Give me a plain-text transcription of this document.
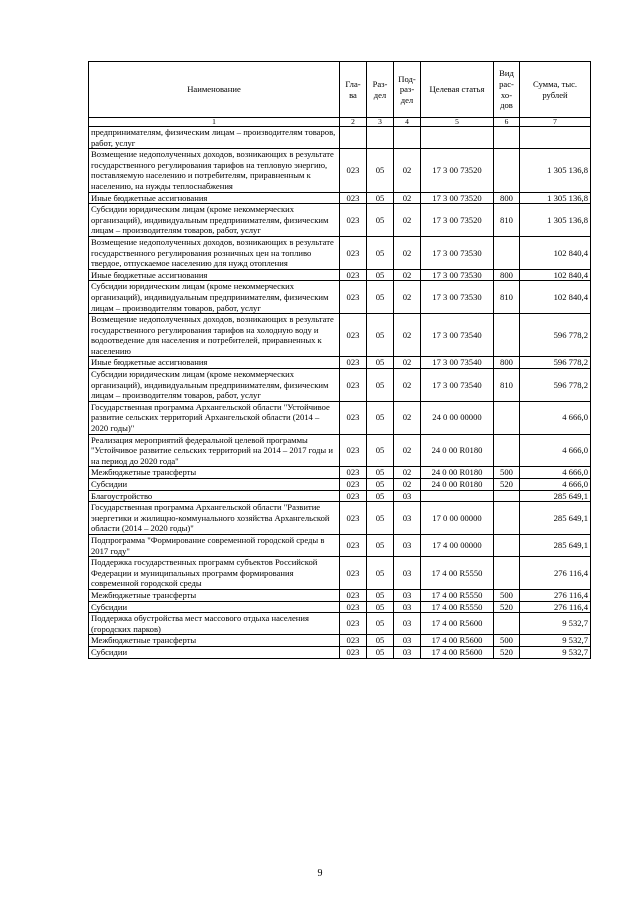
Наименование	Гла-ва	Раз-дел	Под-раз-дел	Целевая статья	Вид рас-хо-дов	Сумма, тыс. рублей
1	2	3	4	5	6	7
предпринимателям, физическим лицам – производителям товаров, работ, услуг						
Возмещение недополученных доходов, возникающих в результате государственного регулирования тарифов на тепловую энергию, поставляемую населению и потребителям, приравненным к населению, на нужды теплоснабжения	023	05	02	17 3 00 73520		1 305 136,8
Иные бюджетные ассигнования	023	05	02	17 3 00 73520	800	1 305 136,8
Субсидии юридическим лицам (кроме некоммерческих организаций), индивидуальным предпринимателям, физическим лицам – производителям товаров, работ, услуг	023	05	02	17 3 00 73520	810	1 305 136,8
Возмещение недополученных доходов, возникающих в результате государственного регулирования розничных цен на топливо твердое, отпускаемое населению для нужд отопления	023	05	02	17 3 00 73530		102 840,4
Иные бюджетные ассигнования	023	05	02	17 3 00 73530	800	102 840,4
Субсидии юридическим лицам (кроме некоммерческих организаций), индивидуальным предпринимателям, физическим лицам – производителям товаров, работ, услуг	023	05	02	17 3 00 73530	810	102 840,4
Возмещение недополученных доходов, возникающих в результате государственного регулирования тарифов на холодную воду и водоотведение для населения и потребителей, приравненных к населению	023	05	02	17 3 00 73540		596 778,2
Иные бюджетные ассигнования	023	05	02	17 3 00 73540	800	596 778,2
Субсидии юридическим лицам (кроме некоммерческих организаций), индивидуальным предпринимателям, физическим лицам – производителям товаров, работ, услуг	023	05	02	17 3 00 73540	810	596 778,2
Государственная программа Архангельской области "Устойчивое развитие сельских территорий Архангельской области (2014 – 2020 годы)"	023	05	02	24 0 00 00000		4 666,0
Реализация мероприятий федеральной целевой программы "Устойчивое развитие сельских территорий на 2014 – 2017 годы и на период до 2020 года"	023	05	02	24 0 00 R0180		4 666,0
Межбюджетные трансферты	023	05	02	24 0 00 R0180	500	4 666,0
Субсидии	023	05	02	24 0 00 R0180	520	4 666,0
Благоустройство	023	05	03			285 649,1
Государственная программа Архангельской области "Развитие энергетики и жилищно-коммунального хозяйства Архангельской области (2014 – 2020 годы)"	023	05	03	17 0 00 00000		285 649,1
Подпрограмма "Формирование современной городской среды в 2017 году"	023	05	03	17 4 00 00000		285 649,1
Поддержка государственных программ субъектов Российской Федерации и муниципальных программ формирования современной городской среды	023	05	03	17 4 00 R5550		276 116,4
Межбюджетные трансферты	023	05	03	17 4 00 R5550	500	276 116,4
Субсидии	023	05	03	17 4 00 R5550	520	276 116,4
Поддержка обустройства мест массового отдыха населения (городских парков)	023	05	03	17 4 00 R5600		9 532,7
Межбюджетные трансферты	023	05	03	17 4 00 R5600	500	9 532,7
Субсидии	023	05	03	17 4 00 R5600	520	9 532,7
9
